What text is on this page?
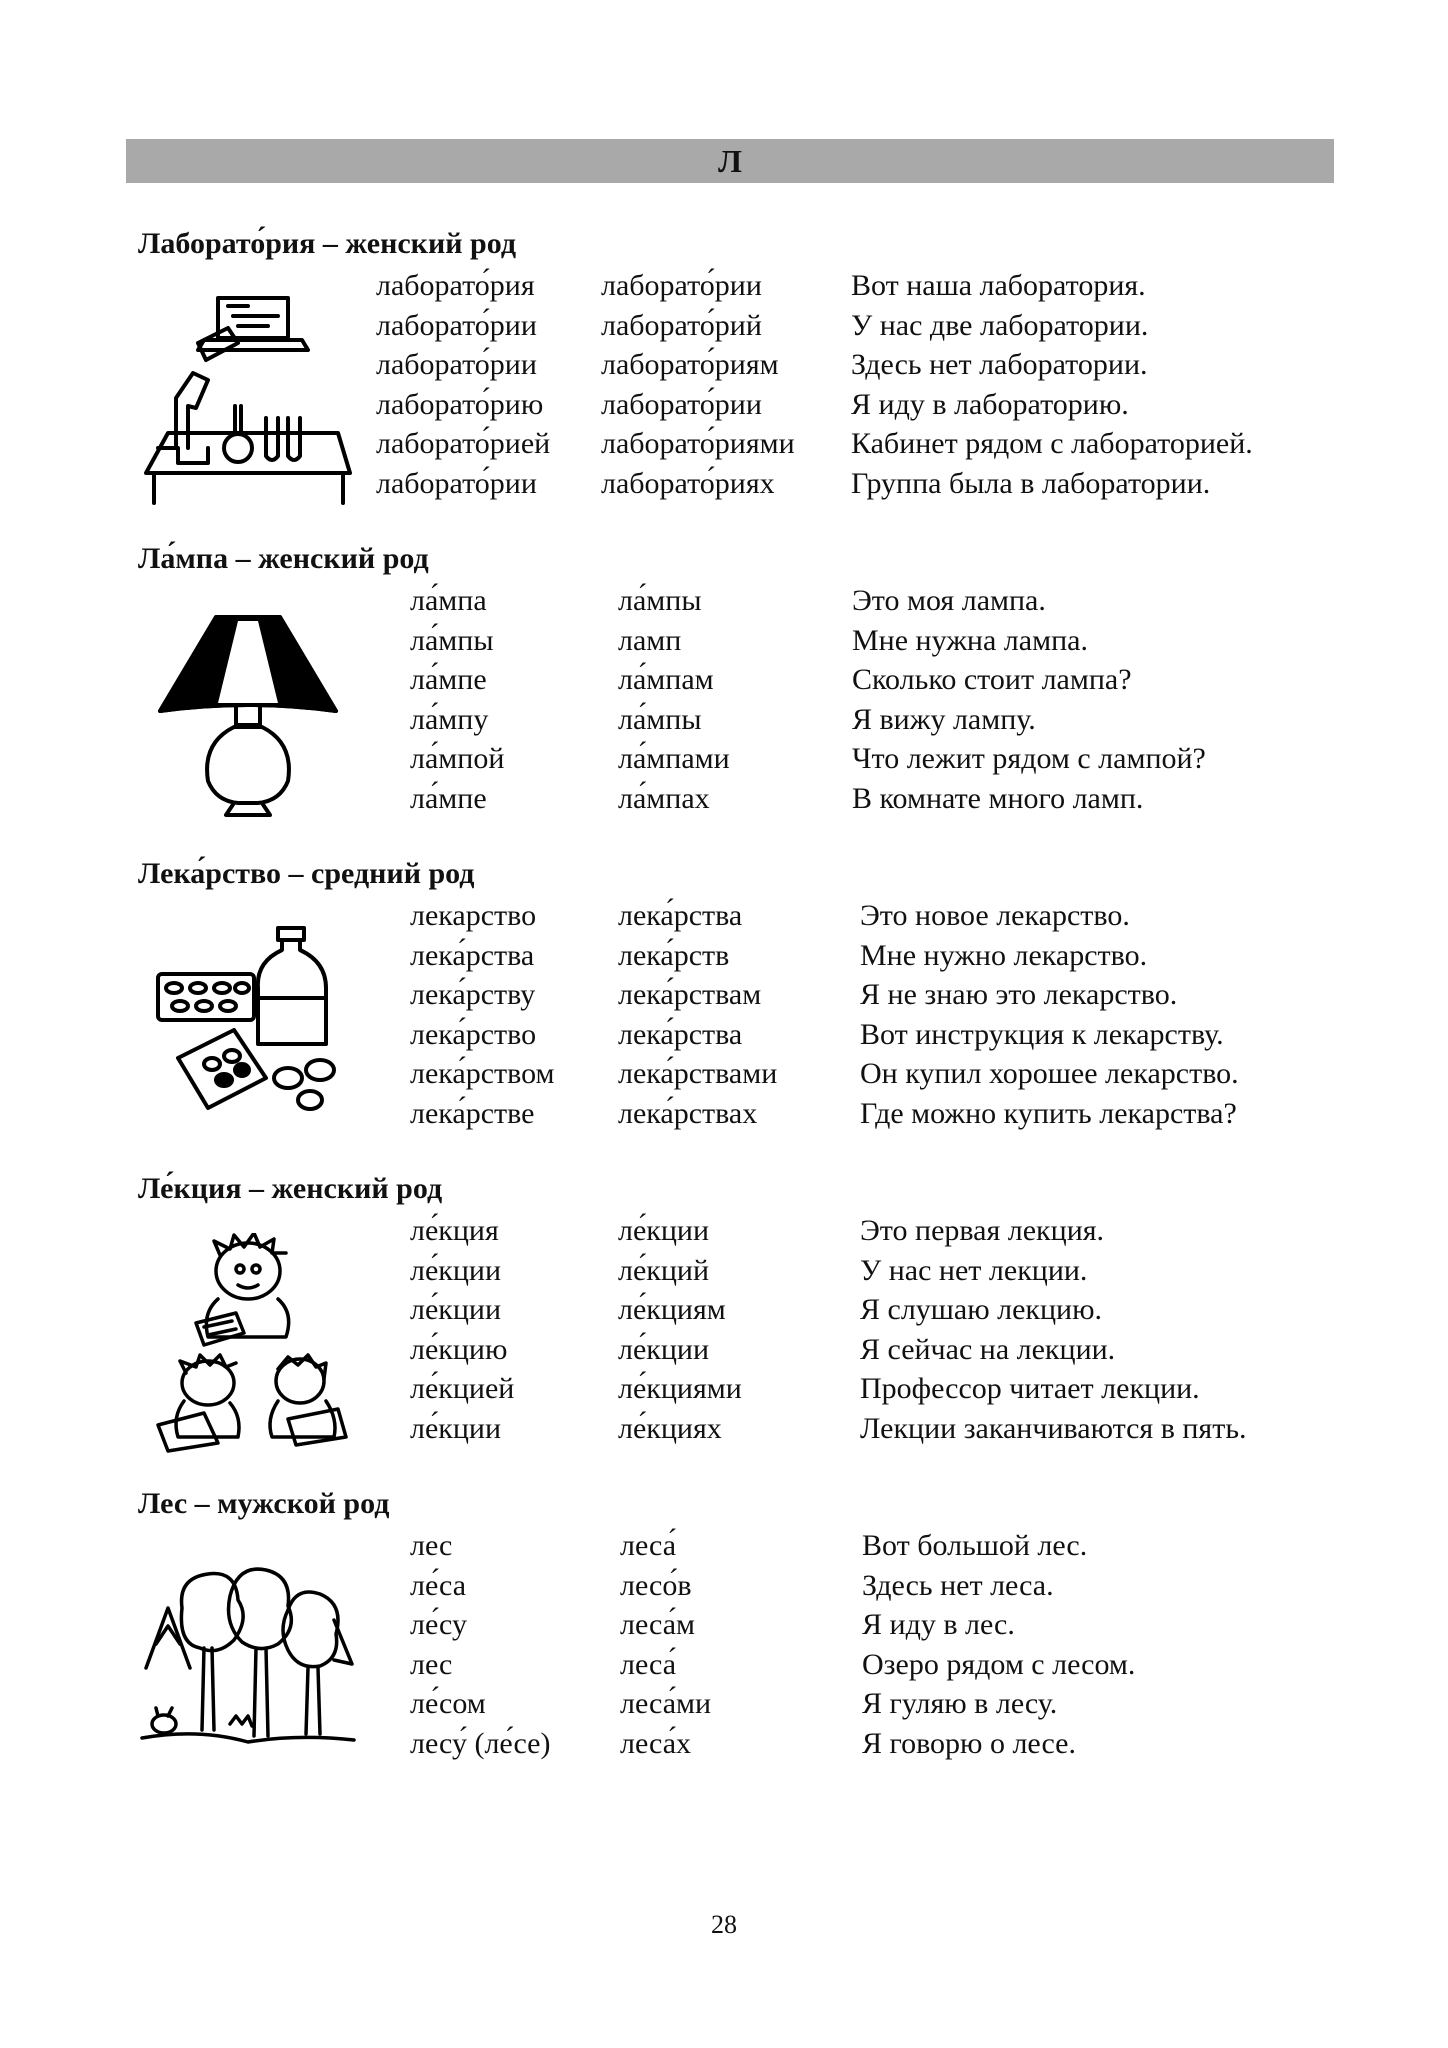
Л
Лаборато́рия – женский род
лаборато́рия
лаборато́рии
лаборато́рии
лаборато́рию
лаборато́рией
лаборато́рии
лаборато́рии
лаборато́рий
лаборато́риям
лаборато́рии
лаборато́риями
лаборато́риях
Вот наша лаборатория.
У нас две лаборатории.
Здесь нет лаборатории.
Я иду в лабораторию.
Кабинет рядом с лабораторией.
Группа была в лаборатории.
Ла́мпа – женский род
ла́мпа
ла́мпы
ла́мпе
ла́мпу
ла́мпой
ла́мпе
ла́мпы
ламп
ла́мпам
ла́мпы
ла́мпами
ла́мпах
Это моя лампа.
Мне нужна лампа.
Сколько стоит лампа?
Я вижу лампу.
Что лежит рядом с лампой?
В комнате много ламп.
Лека́рство – средний род
лекарство
лека́рства
лека́рству
лека́рство
лека́рством
лека́рстве
лека́рства
лека́рств
лека́рствам
лека́рства
лека́рствами
лека́рствах
Это новое лекарство.
Мне нужно лекарство.
Я не знаю это лекарство.
Вот инструкция к лекарству.
Он купил хорошее лекарство.
Где можно купить лекарства?
Ле́кция – женский род
ле́кция
ле́кции
ле́кции
ле́кцию
ле́кцией
ле́кции
ле́кции
ле́кций
ле́кциям
ле́кции
ле́кциями
ле́кциях
Это первая лекция.
У нас нет лекции.
Я слушаю лекцию.
Я сейчас на лекции.
Профессор читает лекции.
Лекции заканчиваются в пять.
Лес – мужской род
лес
ле́са
ле́су
лес
ле́сом
лесу́ (ле́се)
леса́
лесо́в
леса́м
леса́
леса́ми
леса́х
Вот большой лес.
Здесь нет леса.
Я иду в лес.
Озеро рядом с лесом.
Я гуляю в лесу.
Я говорю о лесе.
28
